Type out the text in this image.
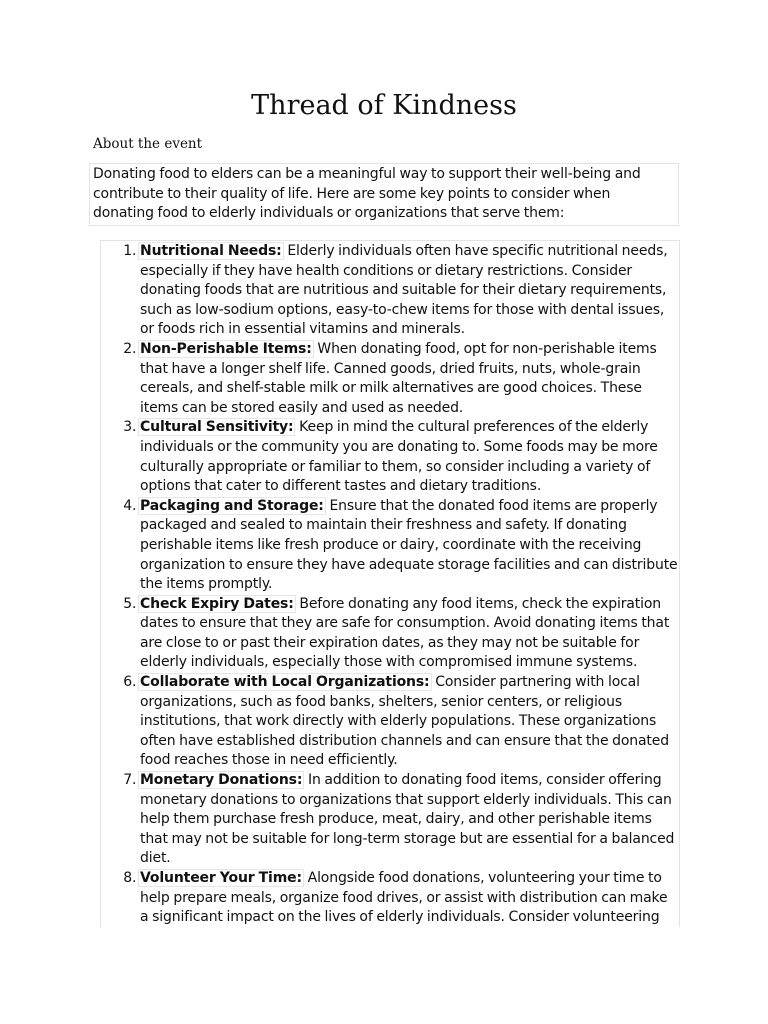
Thread of Kindness
About the event
Donating food to elders can be a meaningful way to support their well-being and contribute to their quality of life. Here are some key points to consider when donating food to elderly individuals or organizations that serve them:
1. Nutritional Needs: Elderly individuals often have specific nutritional needs, especially if they have health conditions or dietary restrictions. Consider donating foods that are nutritious and suitable for their dietary requirements, such as low-sodium options, easy-to-chew items for those with dental issues, or foods rich in essential vitamins and minerals.
2. Non-Perishable Items: When donating food, opt for non-perishable items that have a longer shelf life. Canned goods, dried fruits, nuts, whole-grain cereals, and shelf-stable milk or milk alternatives are good choices. These items can be stored easily and used as needed.
3. Cultural Sensitivity: Keep in mind the cultural preferences of the elderly individuals or the community you are donating to. Some foods may be more culturally appropriate or familiar to them, so consider including a variety of options that cater to different tastes and dietary traditions.
4. Packaging and Storage: Ensure that the donated food items are properly packaged and sealed to maintain their freshness and safety. If donating perishable items like fresh produce or dairy, coordinate with the receiving organization to ensure they have adequate storage facilities and can distribute the items promptly.
5. Check Expiry Dates: Before donating any food items, check the expiration dates to ensure that they are safe for consumption. Avoid donating items that are close to or past their expiration dates, as they may not be suitable for elderly individuals, especially those with compromised immune systems.
6. Collaborate with Local Organizations: Consider partnering with local organizations, such as food banks, shelters, senior centers, or religious institutions, that work directly with elderly populations. These organizations often have established distribution channels and can ensure that the donated food reaches those in need efficiently.
7. Monetary Donations: In addition to donating food items, consider offering monetary donations to organizations that support elderly individuals. This can help them purchase fresh produce, meat, dairy, and other perishable items that may not be suitable for long-term storage but are essential for a balanced diet.
8. Volunteer Your Time: Alongside food donations, volunteering your time to help prepare meals, organize food drives, or assist with distribution can make a significant impact on the lives of elderly individuals. Consider volunteering
